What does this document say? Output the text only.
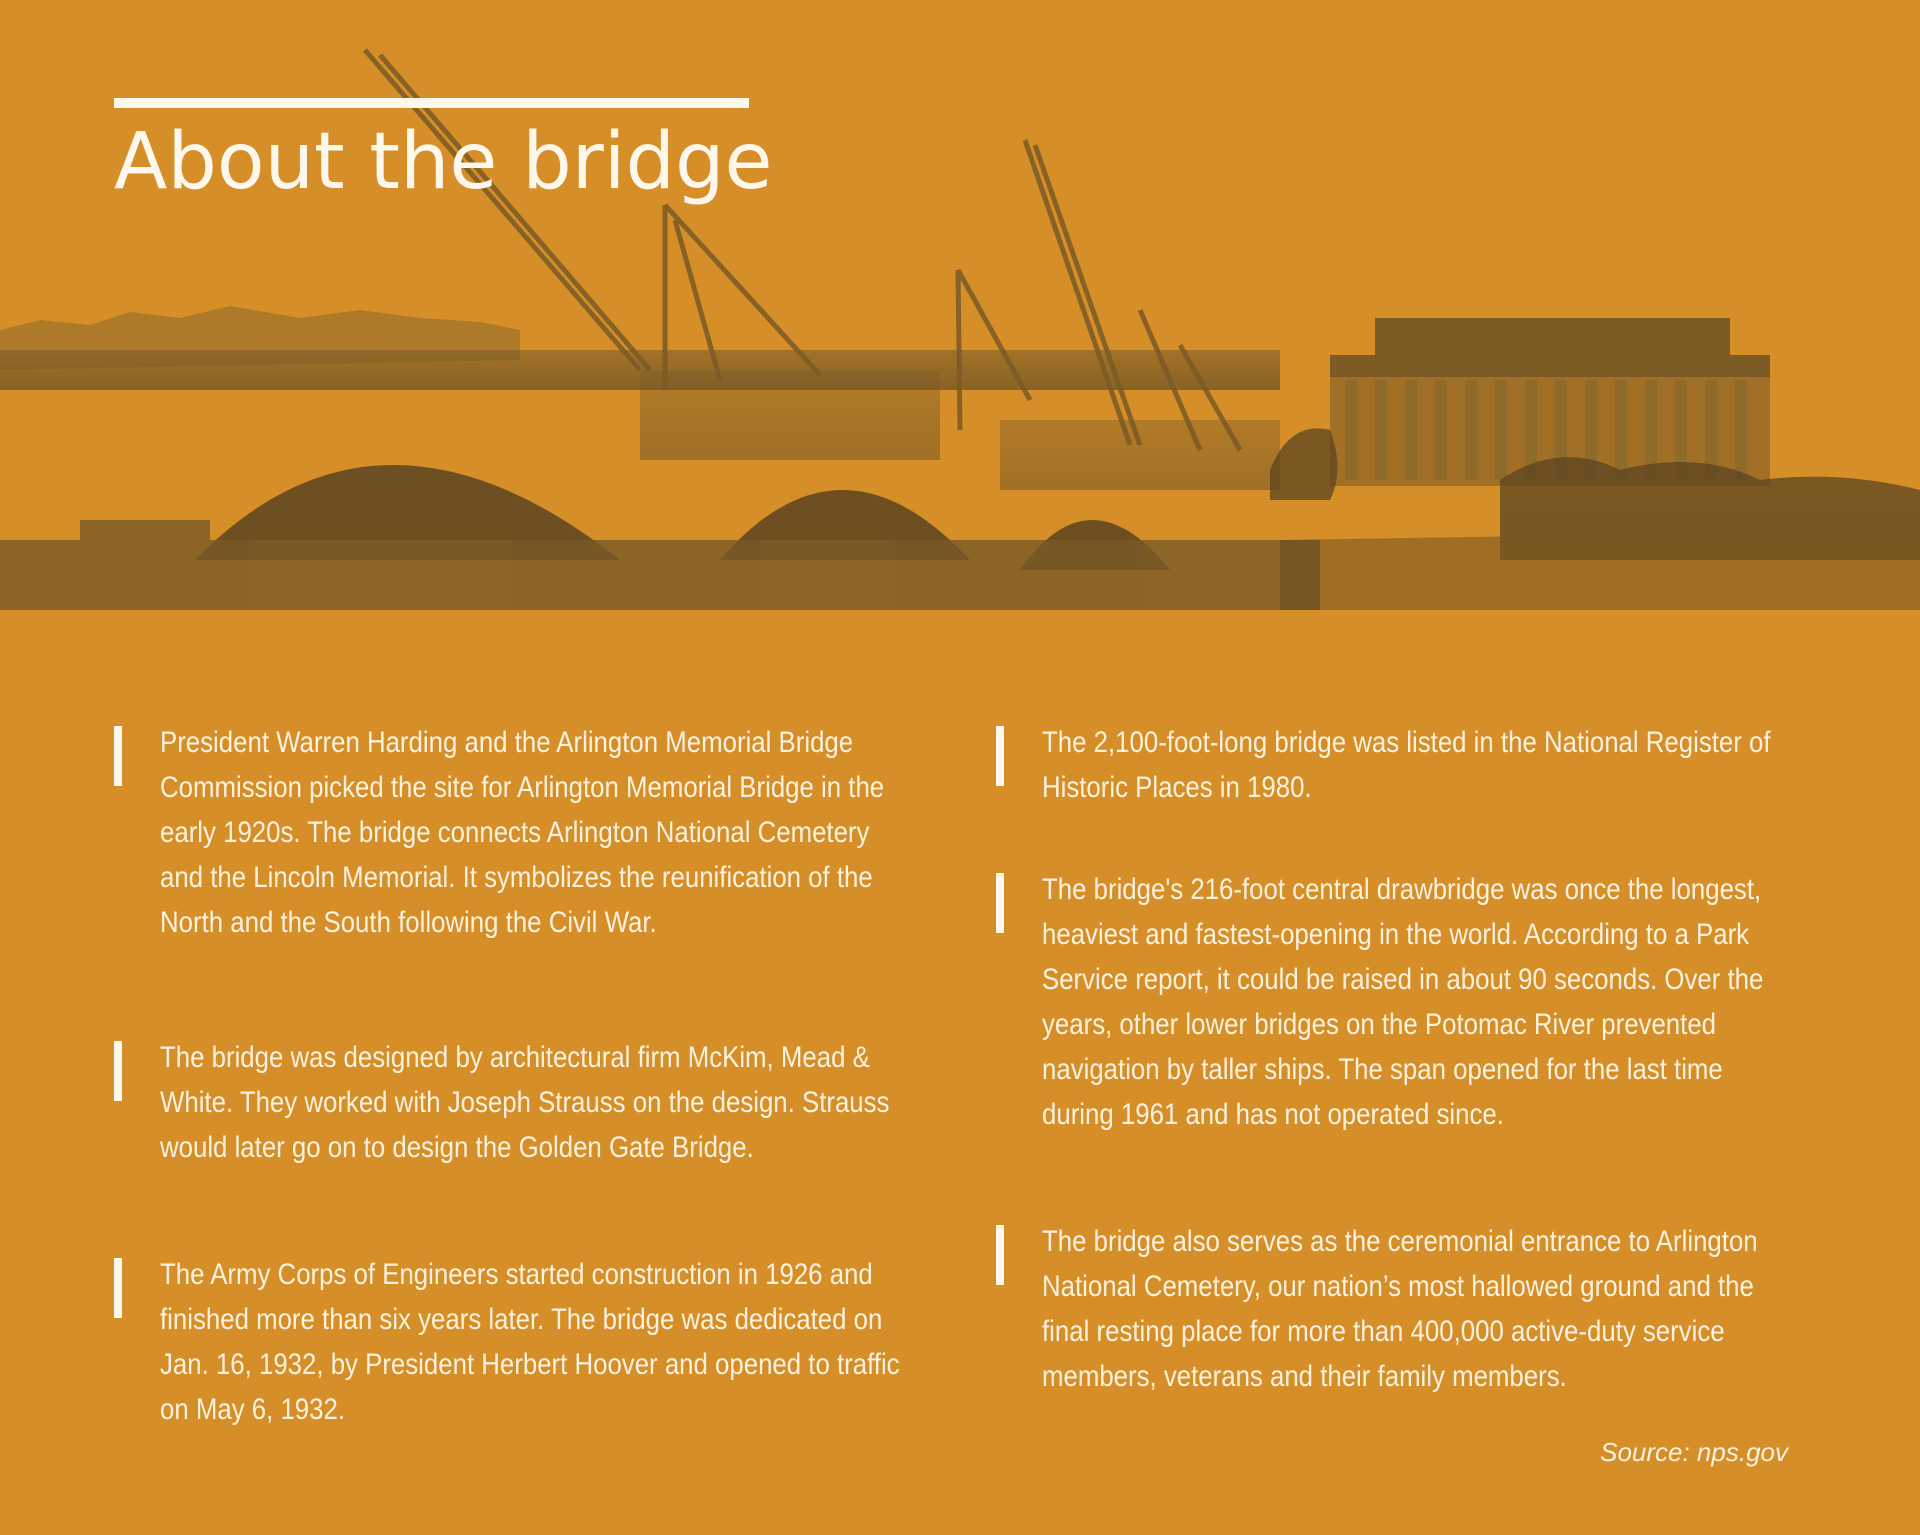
About the bridge

President Warren Harding and the Arlington Memorial Bridge Commission picked the site for Arlington Memorial Bridge in the early 1920s. The bridge connects Arlington National Cemetery and the Lincoln Memorial. It symbolizes the reunification of the North and the South following the Civil War.

The bridge was designed by architectural firm McKim, Mead & White. They worked with Joseph Strauss on the design. Strauss would later go on to design the Golden Gate Bridge.

The Army Corps of Engineers started construction in 1926 and finished more than six years later. The bridge was dedicated on Jan. 16, 1932, by President Herbert Hoover and opened to traffic on May 6, 1932.

The 2,100-foot-long bridge was listed in the National Register of Historic Places in 1980.

The bridge's 216-foot central drawbridge was once the longest, heaviest and fastest-opening in the world. According to a Park Service report, it could be raised in about 90 seconds. Over the years, other lower bridges on the Potomac River prevented navigation by taller ships. The span opened for the last time during 1961 and has not operated since.

The bridge also serves as the ceremonial entrance to Arlington National Cemetery, our nation’s most hallowed ground and the final resting place for more than 400,000 active-duty service members, veterans and their family members.

Source: nps.gov
